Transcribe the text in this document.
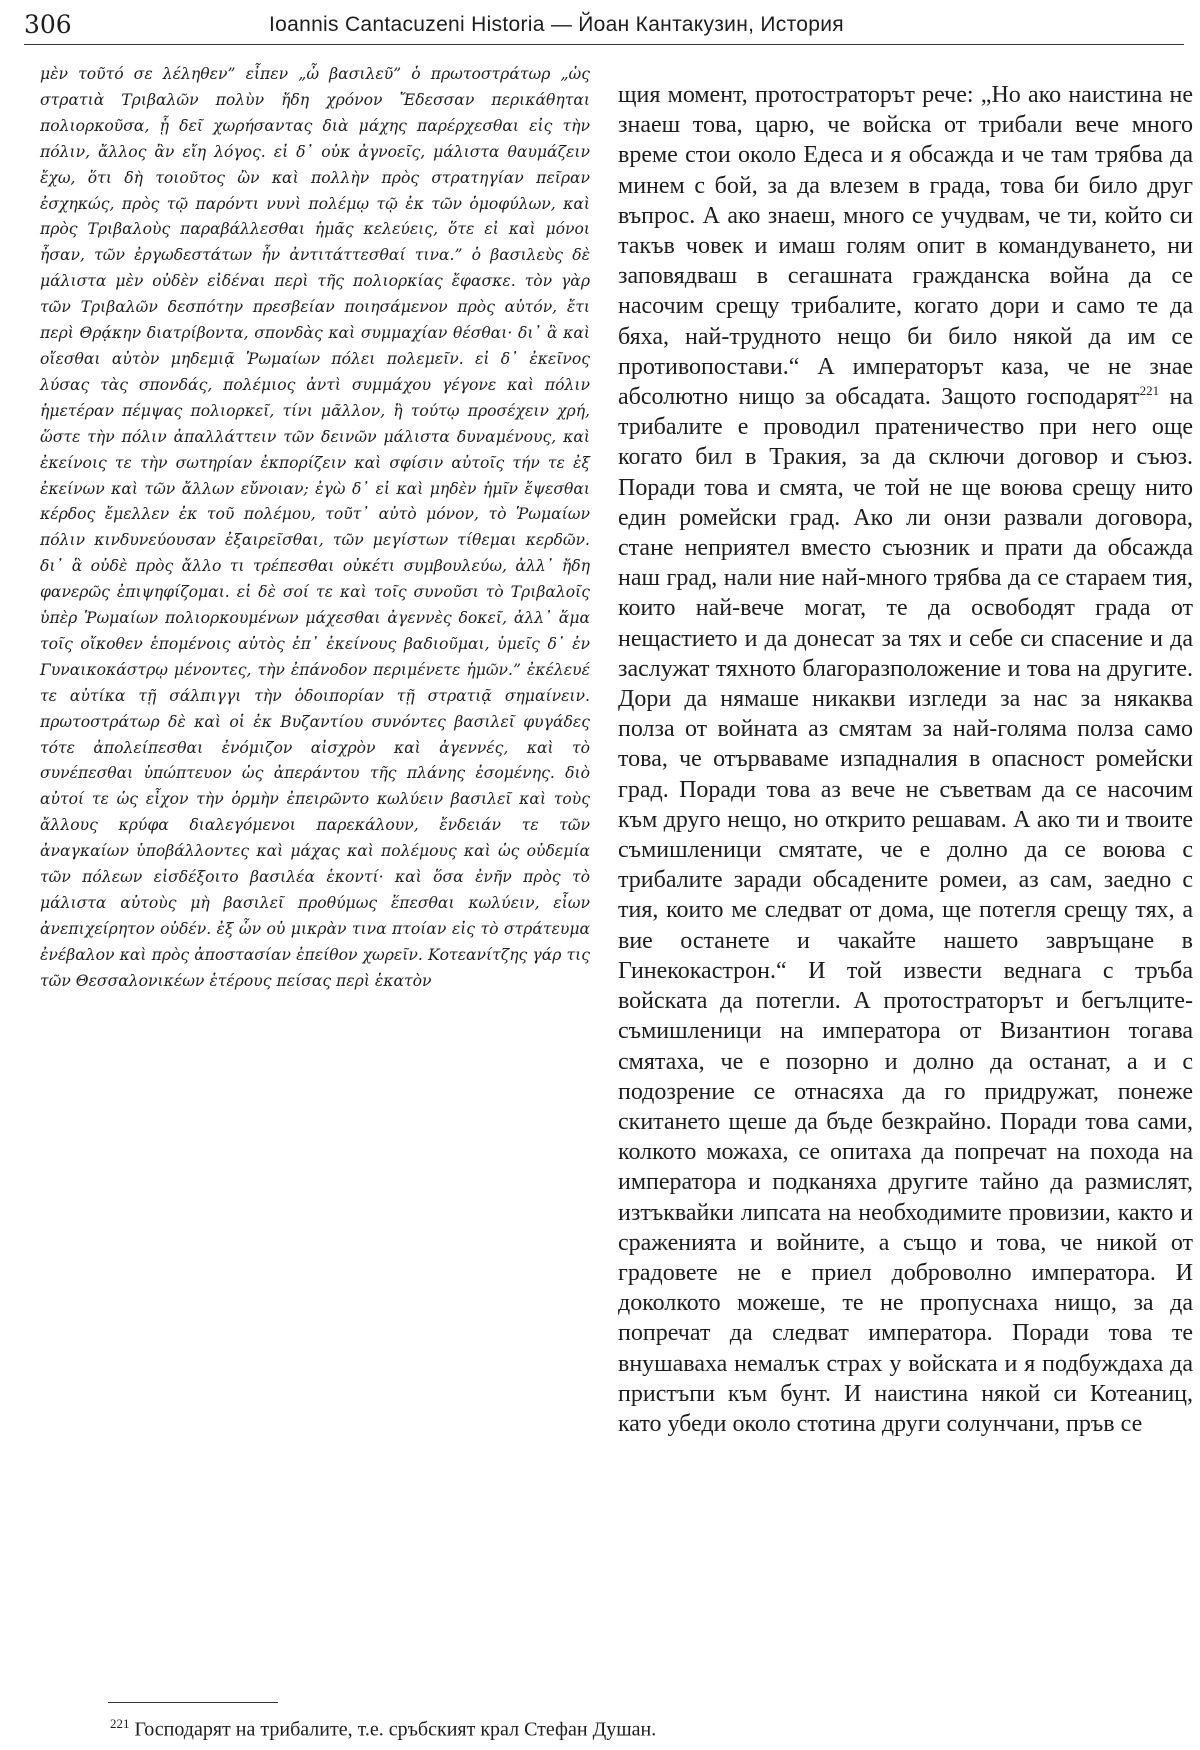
306	Ioannis Cantacuzeni Historia — Йоан Кантакузин, История

μὲν τοῦτό σε λέληθεν” εἶπεν „ὦ βασιλεῦ” ὁ πρωτοστράτωρ „ὡς στρατιὰ Τριβαλῶν πολὺν ἤδη χρόνον Ἔδεσσαν περικάθηται πολιορκοῦσα, ᾗ δεῖ χωρήσαντας διὰ μάχης παρέρχεσθαι εἰς τὴν πόλιν, ἄλλος ἂν εἴη λόγος. εἰ δ᾿ οὐκ ἀγνοεῖς, μάλιστα θαυμάζειν ἔχω, ὅτι δὴ τοιοῦτος ὢν καὶ πολλὴν πρὸς στρατηγίαν πεῖραν ἐσχηκώς, πρὸς τῷ παρόντι νυνὶ πολέμῳ τῷ ἐκ τῶν ὁμοφύλων, καὶ πρὸς Τριβαλοὺς παραβάλλεσθαι ἡμᾶς κελεύεις, ὅτε εἰ καὶ μόνοι ἦσαν, τῶν ἐργωδεστάτων ἦν ἀντιτάττεσθαί τινα.” ὁ βασιλεὺς δὲ μάλιστα μὲν οὐδὲν εἰδέναι περὶ τῆς πολιορκίας ἔφασκε. τὸν γὰρ τῶν Τριβαλῶν δεσπότην πρεσβείαν ποιησάμενον πρὸς αὐτόν, ἔτι περὶ Θρᾴκην διατρίβοντα, σπονδὰς καὶ συμμαχίαν θέσθαι· δι᾿ ἃ καὶ οἴεσθαι αὐτὸν μηδεμιᾷ Ῥωμαίων πόλει πολεμεῖν. εἰ δ᾿ ἐκεῖνος λύσας τὰς σπονδάς, πολέμιος ἀντὶ συμμάχου γέγονε καὶ πόλιν ἡμετέραν πέμψας πολιορκεῖ, τίνι μᾶλλον, ἢ τούτῳ προσέχειν χρή, ὥστε τὴν πόλιν ἀπαλλάττειν τῶν δεινῶν μάλιστα δυναμένους, καὶ ἐκείνοις τε τὴν σωτηρίαν ἐκπορίζειν καὶ σφίσιν αὐτοῖς τήν τε ἐξ ἐκείνων καὶ τῶν ἄλλων εὔνοιαν; ἐγὼ δ᾿ εἰ καὶ μηδὲν ἡμῖν ἔψεσθαι κέρδος ἔμελλεν ἐκ τοῦ πολέμου, τοῦτ᾿ αὐτὸ μόνον, τὸ Ῥωμαίων πόλιν κινδυνεύουσαν ἐξαιρεῖσθαι, τῶν μεγίστων τίθεμαι κερδῶν. δι᾿ ἃ οὐδὲ πρὸς ἄλλο τι τρέπεσθαι οὐκέτι συμβουλεύω, ἀλλ᾿ ἤδη φανερῶς ἐπιψηφίζομαι. εἰ δὲ σοί τε καὶ τοῖς συνοῦσι τὸ Τριβαλοῖς ὑπὲρ Ῥωμαίων πολιορκουμένων μάχεσθαι ἀγεννὲς δοκεῖ, ἀλλ᾿ ἅμα τοῖς οἴκοθεν ἑπομένοις αὐτὸς ἐπ᾿ ἐκείνους βαδιοῦμαι, ὑμεῖς δ᾿ ἐν Γυναικοκάστρῳ μένοντες, τὴν ἐπάνοδον περιμένετε ἡμῶν.” ἐκέλευέ τε αὐτίκα τῇ σάλπιγγι τὴν ὁδοιπορίαν τῇ στρατιᾷ σημαίνειν. πρωτοστράτωρ δὲ καὶ οἱ ἐκ Βυζαντίου συνόντες βασιλεῖ φυγάδες τότε ἀπολείπεσθαι ἐνόμιζον αἰσχρὸν καὶ ἀγεννές, καὶ τὸ συνέπεσθαι ὑπώπτευον ὡς ἀπεράντου τῆς πλάνης ἐσομένης. διὸ αὐτοί τε ὡς εἶχον τὴν ὁρμὴν ἐπειρῶντο κωλύειν βασιλεῖ καὶ τοὺς ἄλλους κρύφα διαλεγόμενοι παρεκάλουν, ἔνδειάν τε τῶν ἀναγκαίων ὑποβάλλοντες καὶ μάχας καὶ πολέμους καὶ ὡς οὐδεμία τῶν πόλεων εἰσδέξοιτο βασιλέα ἑκοντί· καὶ ὅσα ἐνῆν πρὸς τὸ μάλιστα αὐτοὺς μὴ βασιλεῖ προθύμως ἕπεσθαι κωλύειν, εἶων ἀνεπιχείρητον οὐδέν. ἐξ ὧν οὐ μικρὰν τινα πτοίαν εἰς τὸ στράτευμα ἐνέβαλον καὶ πρὸς ἀποστασίαν ἐπείθον χωρεῖν. Κοτεανίτζης γάρ τις τῶν Θεσσαλονικέων ἑτέρους πείσας περὶ ἑκατὸν

щия момент, протостраторът рече: „Но ако наистина не знаеш това, царю, че войска от трибали вече много време стои около Едеса и я обсажда и че там трябва да минем с бой, за да влезем в града, това би било друг въпрос. А ако знаеш, много се учудвам, че ти, който си такъв човек и имаш голям опит в командуването, ни заповядваш в сегашната гражданска война да се насочим срещу трибалите, когато дори и само те да бяха, най-трудното нещо би било някой да им се противопостави.“ А императорът каза, че не знае абсолютно нищо за обсадата. Защото господарят$^{221}$ на трибалите е проводил пратеничество при него още когато бил в Тракия, за да сключи договор и съюз. Поради това и смята, че той не ще воюва срещу нито един ромейски град. Ако ли онзи развали договора, стане неприятел вместо съюзник и прати да обсажда наш град, нали ние най-много трябва да се стараем тия, които най-вече могат, те да освободят града от нещастието и да донесат за тях и себе си спасение и да заслужат тяхното благоразположение и това на другите. Дори да нямаше никакви изгледи за нас за някаква полза от войната аз смятам за най-голяма полза само това, че отърваваме изпадналия в опасност ромейски град. Поради това аз вече не съветвам да се насочим към друго нещо, но открито решавам. А ако ти и твоите съмишленици смятате, че е долно да се воюва с трибалите заради обсадените ромеи, аз сам, заедно с тия, които ме следват от дома, ще потегля срещу тях, а вие останете и чакайте нашето завръщане в Гинекокастрон.“ И той извести веднага с тръба войската да потегли. А протостраторът и бегълците-съмишленици на императора от Византион тогава смятаха, че е позорно и долно да останат, а и с подозрение се отнасяха да го придружат, понеже скитането щеше да бъде безкрайно. Поради това сами, колкото можаха, се опитаха да попречат на похода на императора и подканяха другите тайно да размислят, изтъквайки липсата на необходимите провизии, както и сраженията и войните, а също и това, че никой от градовете не е приел доброволно императора. И доколкото можеше, те не пропуснаха нищо, за да попречат да следват императора. Поради това те внушаваха немалък страх у войската и я подбуждаха да пристъпи към бунт. И наистина някой си Котеаниц, като убеди около стотина други солунчани, пръв се

$^{221}$ Господарят на трибалите, т.е. сръбският крал Стефан Душан.
